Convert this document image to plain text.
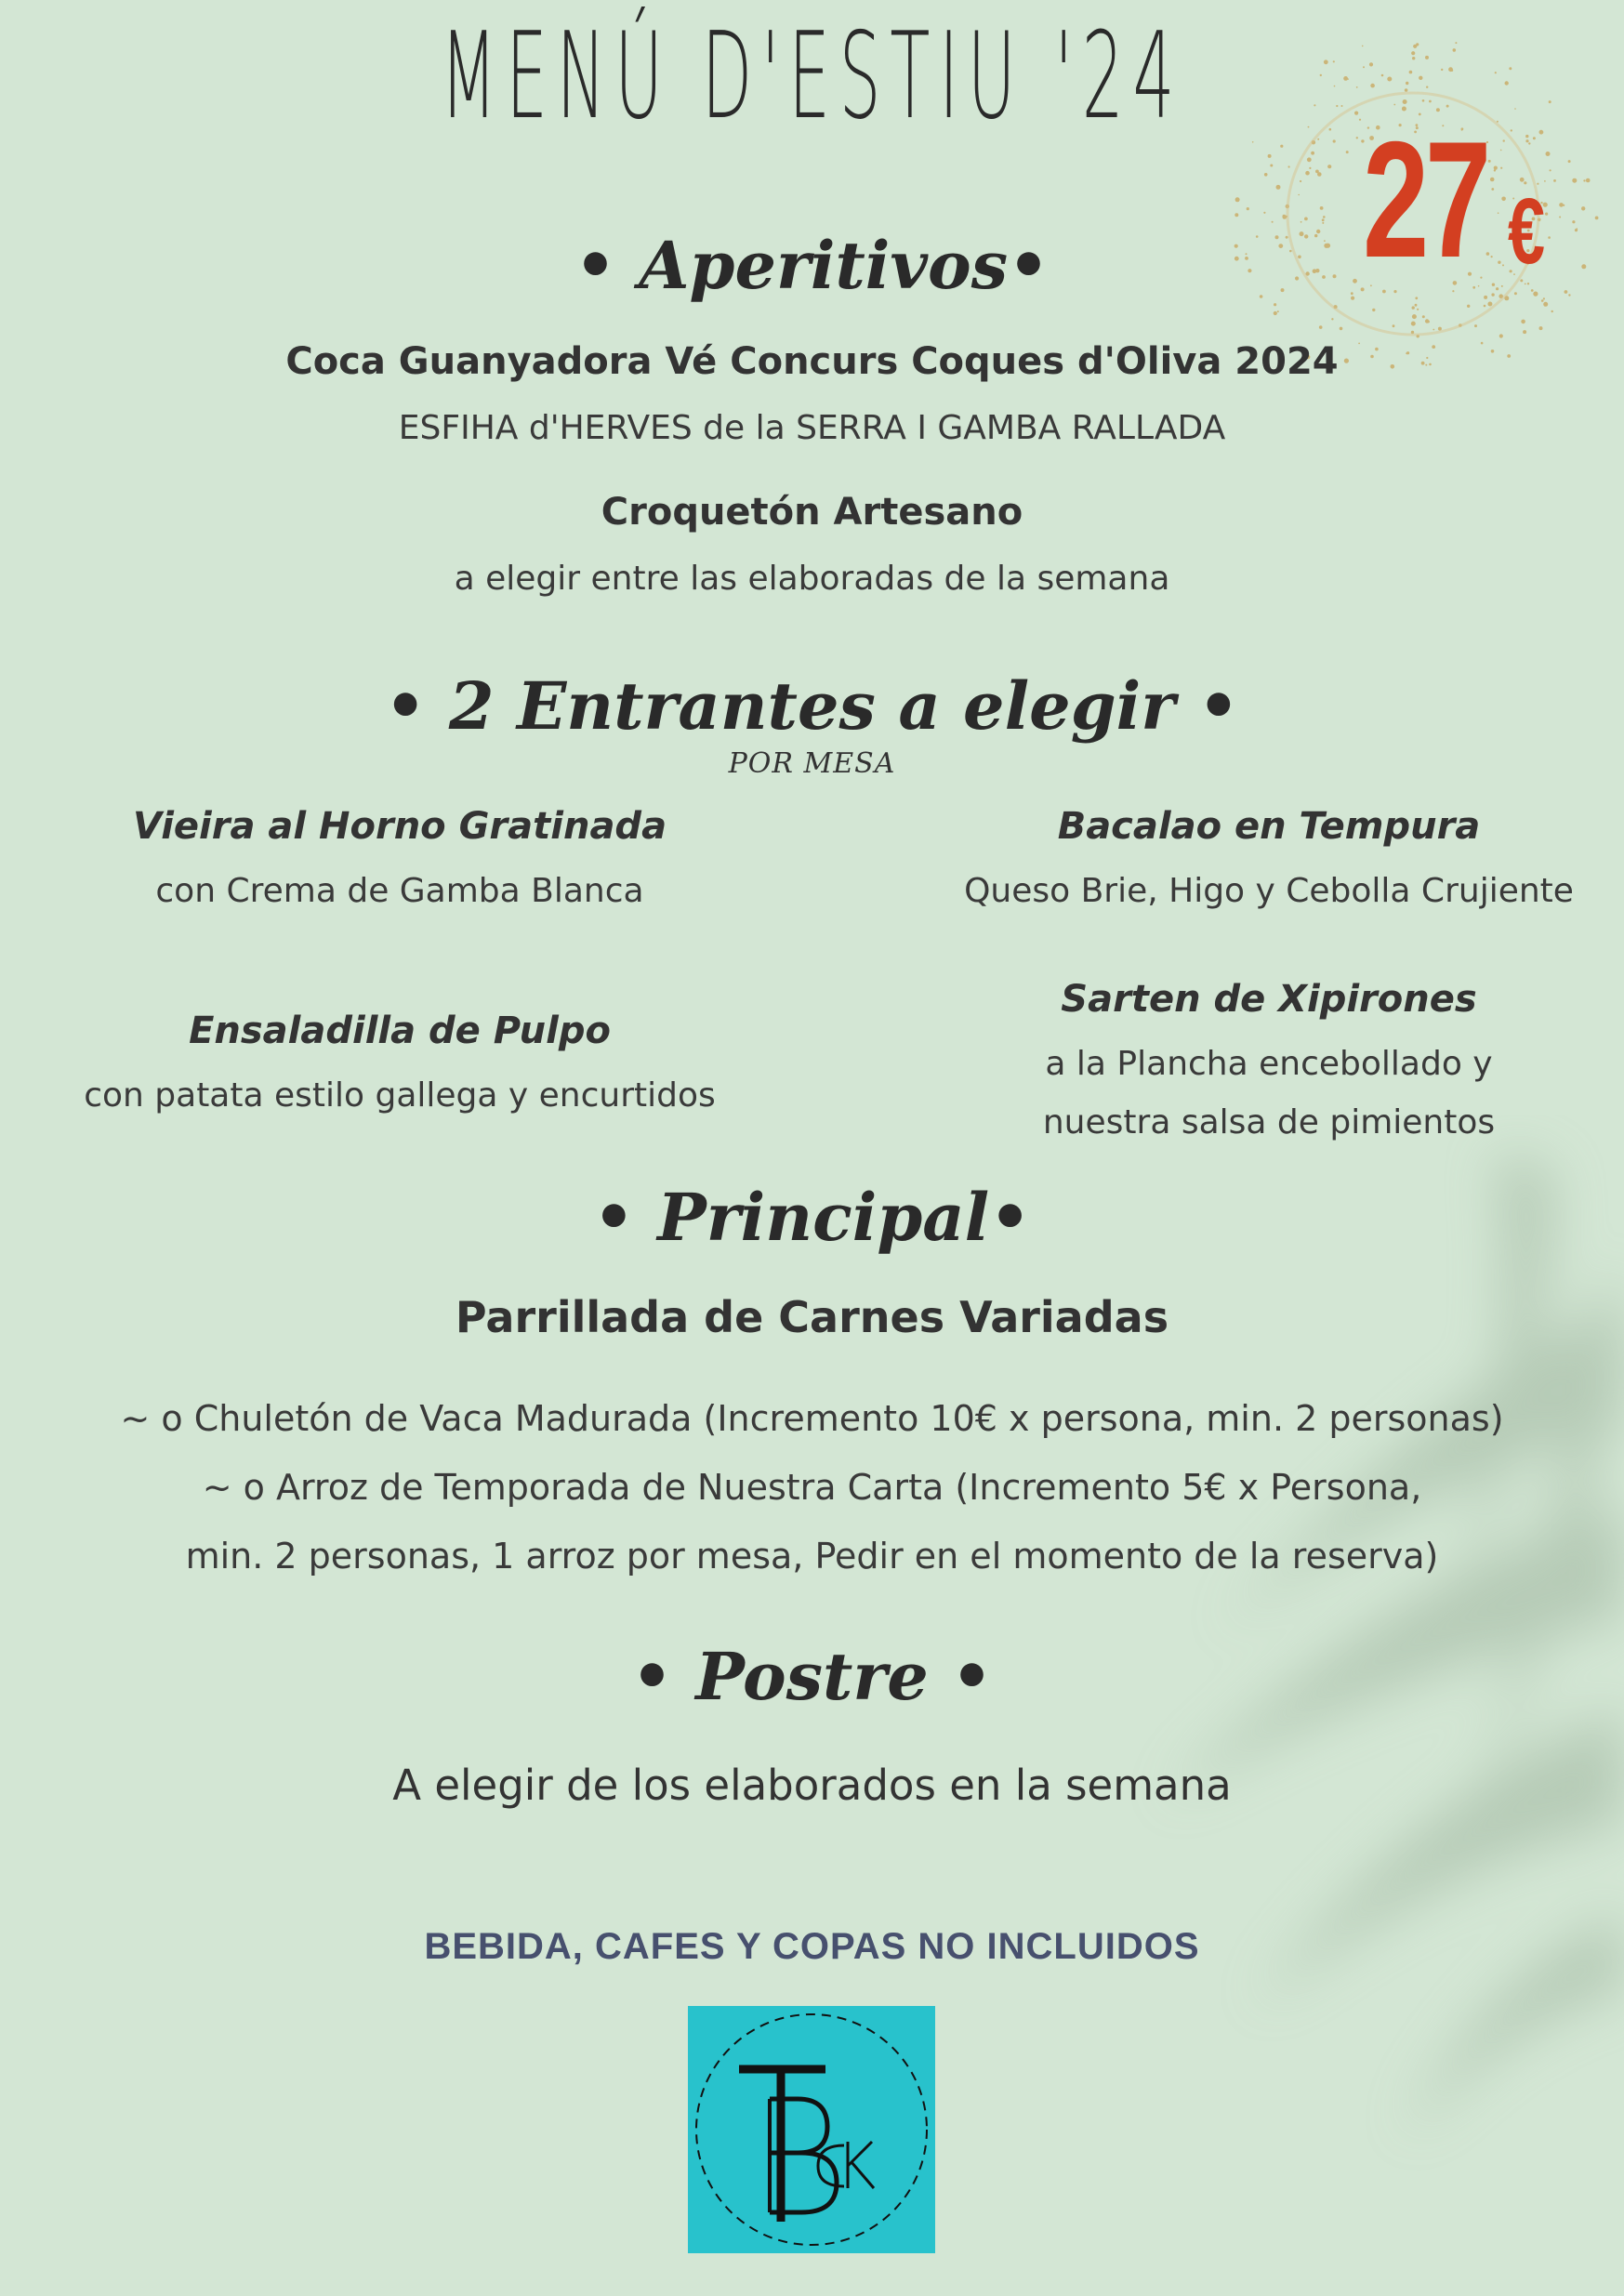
MENÚ D'ESTIU '24
27 €
• Aperitivos•
Coca Guanyadora Vé Concurs Coques d'Oliva 2024
ESFIHA d'HERVES de la SERRA I GAMBA RALLADA
Croquetón Artesano
a elegir entre las elaboradas de la semana
• 2 Entrantes a elegir •
POR MESA
Vieira al Horno Gratinada
con Crema de Gamba Blanca
Bacalao en Tempura
Queso Brie, Higo y Cebolla Crujiente
Ensaladilla de Pulpo
con patata estilo gallega y encurtidos
Sarten de Xipirones
a la Plancha encebollado y
nuestra salsa de pimientos
• Principal•
Parrillada de Carnes Variadas
~ o Chuletón de Vaca Madurada (Incremento 10€ x persona, min. 2 personas)
~ o Arroz de Temporada de Nuestra Carta (Incremento 5€ x Persona,
min. 2 personas, 1 arroz por mesa, Pedir en el momento de la reserva)
• Postre •
A elegir de los elaborados en la semana
BEBIDA, CAFES Y COPAS NO INCLUIDOS
